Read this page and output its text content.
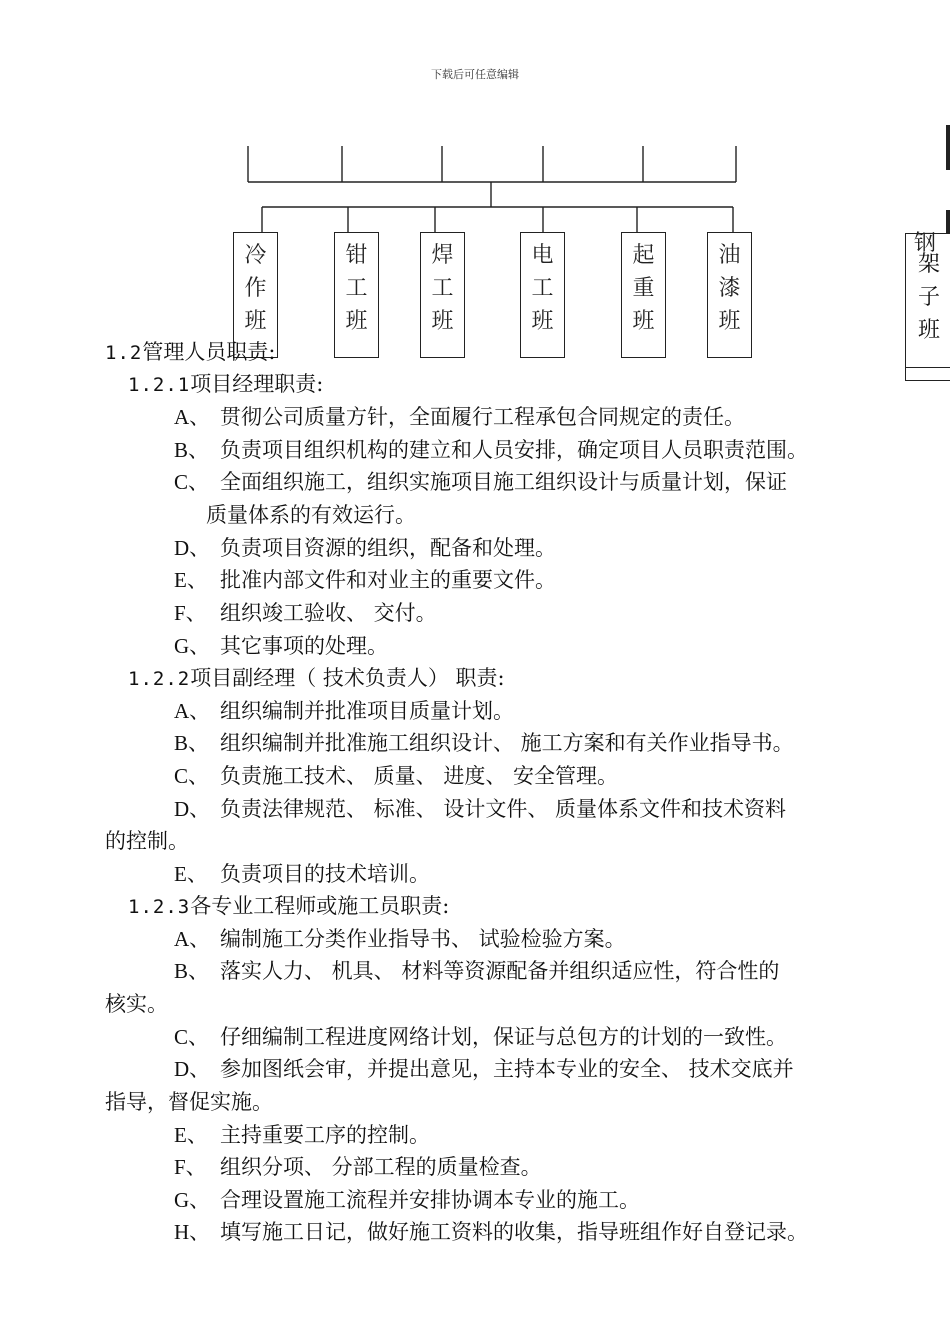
下载后可任意编辑
冷
作
班
钳
工
班
焊
工
班
电
工
班
起
重
班
油
漆
班
钢
架
子
班
1.2管理人员职责:
1.2.1项目经理职责:
A、 贯彻公司质量方针，全面履行工程承包合同规定的责任。
B、 负责项目组织机构的建立和人员安排，确定项目人员职责范围。
C、 全面组织施工，组织实施项目施工组织设计与质量计划，保证
质量体系的有效运行。
D、 负责项目资源的组织，配备和处理。
E、 批准内部文件和对业主的重要文件。
F、 组织竣工验收、 交付。
G、 其它事项的处理。
1.2.2项目副经理（ 技术负责人） 职责:
A、 组织编制并批准项目质量计划。
B、 组织编制并批准施工组织设计、 施工方案和有关作业指导书。
C、 负责施工技术、 质量、 进度、 安全管理。
D、 负责法律规范、 标准、 设计文件、 质量体系文件和技术资料
的控制。
E、 负责项目的技术培训。
1.2.3各专业工程师或施工员职责:
A、 编制施工分类作业指导书、 试验检验方案。
B、 落实人力、 机具、 材料等资源配备并组织适应性，符合性的
核实。
C、 仔细编制工程进度网络计划，保证与总包方的计划的一致性。
D、 参加图纸会审，并提出意见，主持本专业的安全、 技术交底并
指导，督促实施。
E、 主持重要工序的控制。
F、 组织分项、 分部工程的质量检查。
G、 合理设置施工流程并安排协调本专业的施工。
H、 填写施工日记，做好施工资料的收集，指导班组作好自登记录。
